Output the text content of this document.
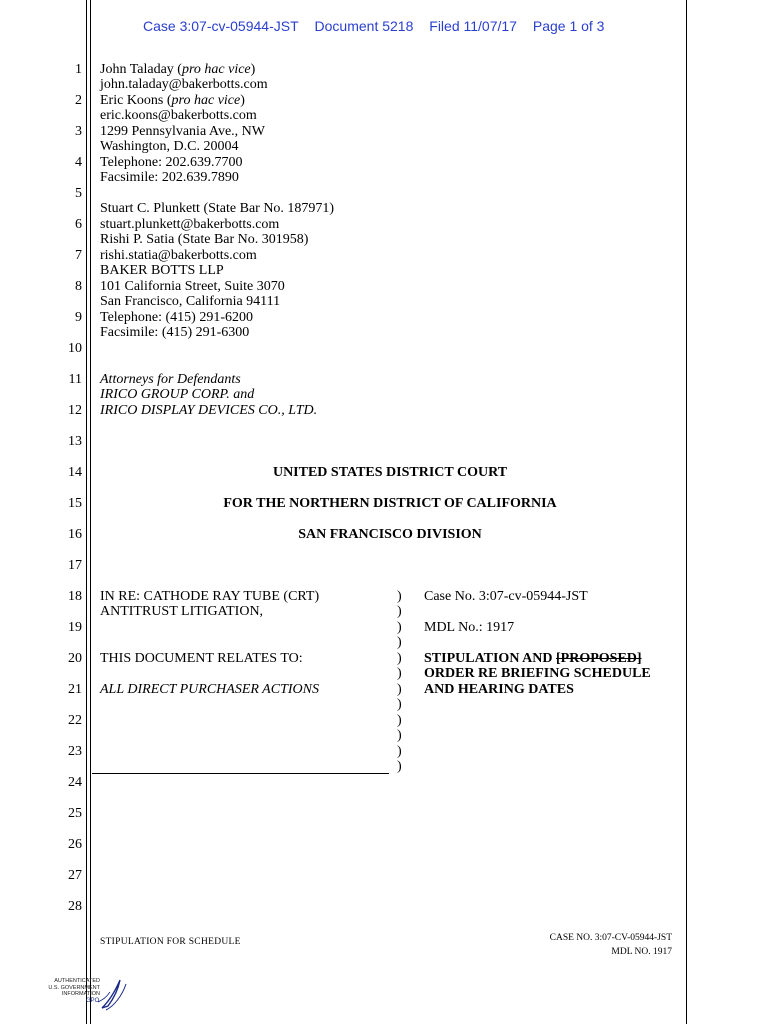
Case 3:07-cv-05944-JST Document 5218 Filed 11/07/17 Page 1 of 3
1
2
3
4
5
6
7
8
9
10
11
12
13
14
15
16
17
18
19
20
21
22
23
24
25
26
27
28
John Taladay (pro hac vice)
john.taladay@bakerbotts.com
Eric Koons (pro hac vice)
eric.koons@bakerbotts.com
1299 Pennsylvania Ave., NW
Washington, D.C. 20004
Telephone: 202.639.7700
Facsimile: 202.639.7890
Stuart C. Plunkett (State Bar No. 187971)
stuart.plunkett@bakerbotts.com
Rishi P. Satia (State Bar No. 301958)
rishi.statia@bakerbotts.com
BAKER BOTTS LLP
101 California Street, Suite 3070
San Francisco, California 94111
Telephone: (415) 291-6200
Facsimile: (415) 291-6300
Attorneys for Defendants
IRICO GROUP CORP. and
IRICO DISPLAY DEVICES CO., LTD.
UNITED STATES DISTRICT COURT
FOR THE NORTHERN DISTRICT OF CALIFORNIA
SAN FRANCISCO DIVISION
IN RE: CATHODE RAY TUBE (CRT)
ANTITRUST LITIGATION,
THIS DOCUMENT RELATES TO:
ALL DIRECT PURCHASER ACTIONS
)
)
)
)
)
)
)
)
)
)
)
)
Case No. 3:07-cv-05944-JST
MDL No.: 1917
STIPULATION AND [PROPOSED]
ORDER RE BRIEFING SCHEDULE
AND HEARING DATES
STIPULATION FOR SCHEDULE	CASE NO. 3:07-CV-05944-JST
MDL NO. 1917
AUTHENTICATED
U.S. GOVERNMENT
INFORMATION
GPO
